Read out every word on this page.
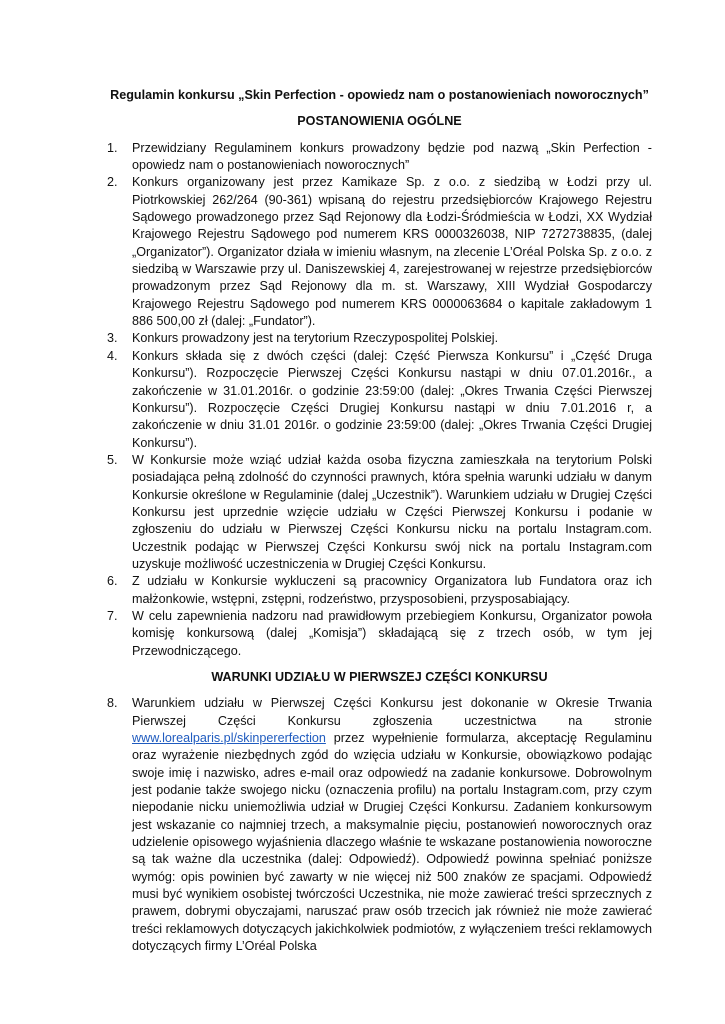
Regulamin konkursu „Skin Perfection - opowiedz nam o postanowieniach noworocznych”

POSTANOWIENIA OGÓLNE

1. Przewidziany Regulaminem konkurs prowadzony będzie pod nazwą „Skin Perfection - opowiedz nam o postanowieniach noworocznych”
2. Konkurs organizowany jest przez Kamikaze Sp. z o.o. z siedzibą w Łodzi przy ul. Piotrkowskiej 262/264 (90-361) wpisaną do rejestru przedsiębiorców Krajowego Rejestru Sądowego prowadzonego przez Sąd Rejonowy dla Łodzi-Śródmieścia w Łodzi, XX Wydział Krajowego Rejestru Sądowego pod numerem KRS 0000326038, NIP 7272738835, (dalej „Organizator”). Organizator działa w imieniu własnym, na zlecenie L’Oréal Polska Sp. z o.o. z siedzibą w Warszawie przy ul. Daniszewskiej 4, zarejestrowanej w rejestrze przedsiębiorców prowadzonym przez Sąd Rejonowy dla m. st. Warszawy, XIII Wydział Gospodarczy Krajowego Rejestru Sądowego pod numerem KRS 0000063684 o kapitale zakładowym 1 886 500,00 zł (dalej: „Fundator”).
3. Konkurs prowadzony jest na terytorium Rzeczypospolitej Polskiej.
4. Konkurs składa się z dwóch części (dalej: Część Pierwsza Konkursu” i „Część Druga Konkursu”). Rozpoczęcie Pierwszej Części Konkursu nastąpi w dniu 07.01.2016r., a zakończenie w 31.01.2016r. o godzinie 23:59:00 (dalej: „Okres Trwania Części Pierwszej Konkursu”). Rozpoczęcie Części Drugiej Konkursu nastąpi w dniu 7.01.2016 r, a zakończenie w dniu 31.01 2016r. o godzinie 23:59:00 (dalej: „Okres Trwania Części Drugiej Konkursu”).
5. W Konkursie może wziąć udział każda osoba fizyczna zamieszkała na terytorium Polski posiadająca pełną zdolność do czynności prawnych, która spełnia warunki udziału w danym Konkursie określone w Regulaminie (dalej „Uczestnik”). Warunkiem udziału w Drugiej Części Konkursu jest uprzednie wzięcie udziału w Części Pierwszej Konkursu i podanie w zgłoszeniu do udziału w Pierwszej Części Konkursu nicku na portalu Instagram.com. Uczestnik podając w Pierwszej Części Konkursu swój nick na portalu Instagram.com uzyskuje możliwość uczestniczenia w Drugiej Części Konkursu.
6. Z udziału w Konkursie wykluczeni są pracownicy Organizatora lub Fundatora oraz ich małżonkowie, wstępni, zstępni, rodzeństwo, przysposobieni, przysposabiający.
7. W celu zapewnienia nadzoru nad prawidłowym przebiegiem Konkursu, Organizator powoła komisję konkursową (dalej „Komisja”) składającą się z trzech osób, w tym jej Przewodniczącego.

WARUNKI UDZIAŁU W PIERWSZEJ CZĘŚCI KONKURSU

8. Warunkiem udziału w Pierwszej Części Konkursu jest dokonanie w Okresie Trwania Pierwszej Części Konkursu zgłoszenia uczestnictwa na stronie www.lorealparis.pl/skinpererfection przez wypełnienie formularza, akceptację Regulaminu oraz wyrażenie niezbędnych zgód do wzięcia udziału w Konkursie, obowiązkowo podając swoje imię i nazwisko, adres e-mail oraz odpowiedź na zadanie konkursowe. Dobrowolnym jest podanie także swojego nicku (oznaczenia profilu) na portalu Instagram.com, przy czym niepodanie nicku uniemożliwia udział w Drugiej Części Konkursu. Zadaniem konkursowym jest wskazanie co najmniej trzech, a maksymalnie pięciu, postanowień noworocznych oraz udzielenie opisowego wyjaśnienia dlaczego właśnie te wskazane postanowienia noworoczne są tak ważne dla uczestnika (dalej: Odpowiedź). Odpowiedź powinna spełniać poniższe wymóg: opis powinien być zawarty w nie więcej niż 500 znaków ze spacjami. Odpowiedź musi być wynikiem osobistej twórczości Uczestnika, nie może zawierać treści sprzecznych z prawem, dobrymi obyczajami, naruszać praw osób trzecich jak również nie może zawierać treści reklamowych dotyczących jakichkolwiek podmiotów, z wyłączeniem treści reklamowych dotyczących firmy L’Oréal Polska
